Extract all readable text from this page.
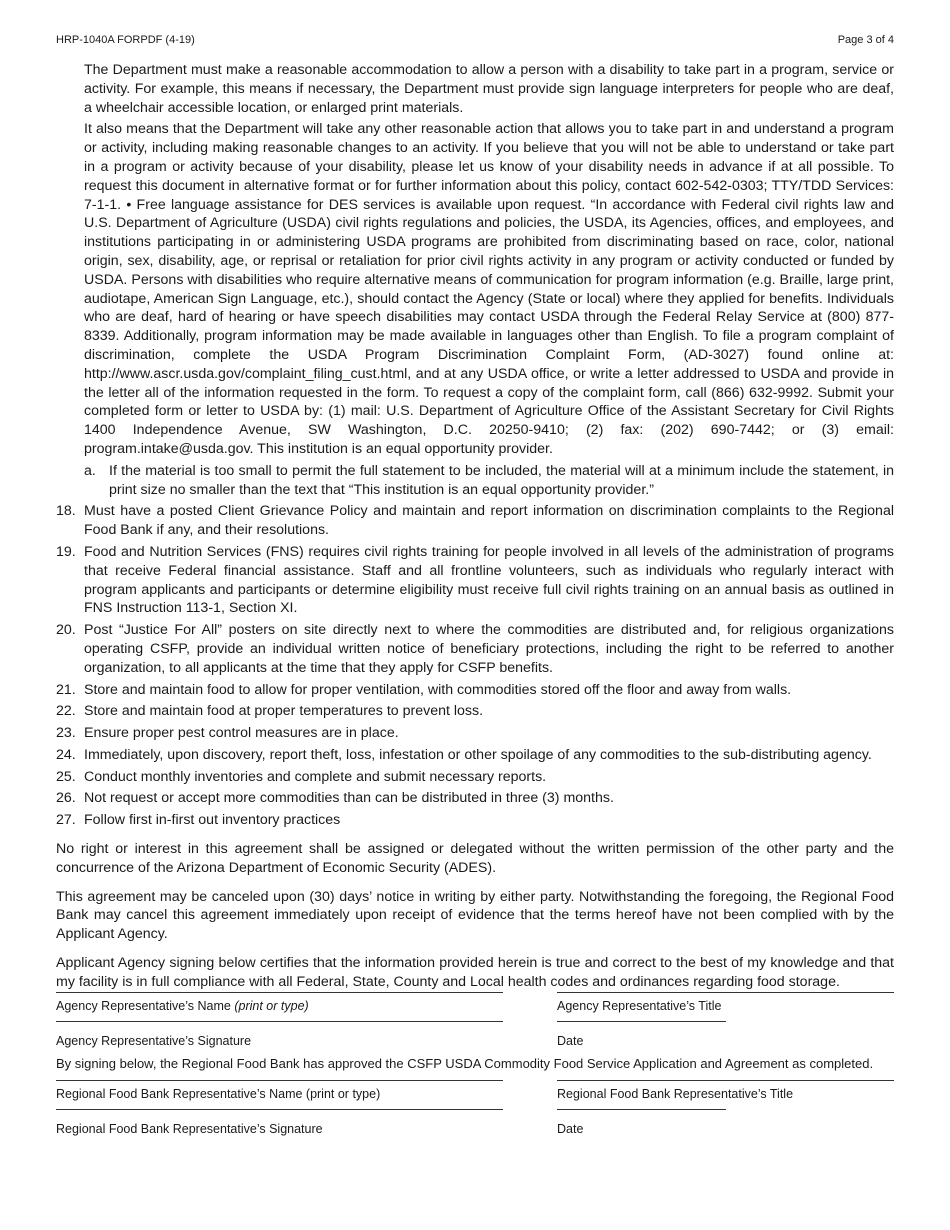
HRP-1040A FORPDF (4-19)	Page 3 of 4

The Department must make a reasonable accommodation to allow a person with a disability to take part in a program, service or activity. For example, this means if necessary, the Department must provide sign language interpreters for people who are deaf, a wheelchair accessible location, or enlarged print materials.

It also means that the Department will take any other reasonable action that allows you to take part in and understand a program or activity, including making reasonable changes to an activity. If you believe that you will not be able to understand or take part in a program or activity because of your disability, please let us know of your disability needs in advance if at all possible. To request this document in alternative format or for further information about this policy, contact 602-542-0303; TTY/TDD Services: 7-1-1. • Free language assistance for DES services is available upon request. “In accordance with Federal civil rights law and U.S. Department of Agriculture (USDA) civil rights regulations and policies, the USDA, its Agencies, offices, and employees, and institutions participating in or administering USDA programs are prohibited from discriminating based on race, color, national origin, sex, disability, age, or reprisal or retaliation for prior civil rights activity in any program or activity conducted or funded by USDA. Persons with disabilities who require alternative means of communication for program information (e.g. Braille, large print, audiotape, American Sign Language, etc.), should contact the Agency (State or local) where they applied for benefits. Individuals who are deaf, hard of hearing or have speech disabilities may contact USDA through the Federal Relay Service at (800) 877-8339. Additionally, program information may be made available in languages other than English. To file a program complaint of discrimination, complete the USDA Program Discrimination Complaint Form, (AD-3027) found online at: http://www.ascr.usda.gov/complaint_filing_cust.html, and at any USDA office, or write a letter addressed to USDA and provide in the letter all of the information requested in the form. To request a copy of the complaint form, call (866) 632-9992. Submit your completed form or letter to USDA by: (1) mail: U.S. Department of Agriculture Office of the Assistant Secretary for Civil Rights 1400 Independence Avenue, SW Washington, D.C. 20250-9410; (2) fax: (202) 690-7442; or (3) email: program.intake@usda.gov. This institution is an equal opportunity provider.

a. If the material is too small to permit the full statement to be included, the material will at a minimum include the statement, in print size no smaller than the text that “This institution is an equal opportunity provider.”
18. Must have a posted Client Grievance Policy and maintain and report information on discrimination complaints to the Regional Food Bank if any, and their resolutions.
19. Food and Nutrition Services (FNS) requires civil rights training for people involved in all levels of the administration of programs that receive Federal financial assistance. Staff and all frontline volunteers, such as individuals who regularly interact with program applicants and participants or determine eligibility must receive full civil rights training on an annual basis as outlined in FNS Instruction 113-1, Section XI.
20. Post “Justice For All” posters on site directly next to where the commodities are distributed and, for religious organizations operating CSFP, provide an individual written notice of beneficiary protections, including the right to be referred to another organization, to all applicants at the time that they apply for CSFP benefits.
21. Store and maintain food to allow for proper ventilation, with commodities stored off the floor and away from walls.
22. Store and maintain food at proper temperatures to prevent loss.
23. Ensure proper pest control measures are in place.
24. Immediately, upon discovery, report theft, loss, infestation or other spoilage of any commodities to the sub-distributing agency.
25. Conduct monthly inventories and complete and submit necessary reports.
26. Not request or accept more commodities than can be distributed in three (3) months.
27. Follow first in-first out inventory practices

No right or interest in this agreement shall be assigned or delegated without the written permission of the other party and the concurrence of the Arizona Department of Economic Security (ADES).

This agreement may be canceled upon (30) days’ notice in writing by either party. Notwithstanding the foregoing, the Regional Food Bank may cancel this agreement immediately upon receipt of evidence that the terms hereof have not been complied with by the Applicant Agency.

Applicant Agency signing below certifies that the information provided herein is true and correct to the best of my knowledge and that my facility is in full compliance with all Federal, State, County and Local health codes and ordinances regarding food storage.

Agency Representative’s Name (print or type)	Agency Representative’s Title
Agency Representative’s Signature	Date
By signing below, the Regional Food Bank has approved the CSFP USDA Commodity Food Service Application and Agreement as completed.
Regional Food Bank Representative’s Name (print or type)	Regional Food Bank Representative’s Title
Regional Food Bank Representative’s Signature	Date
